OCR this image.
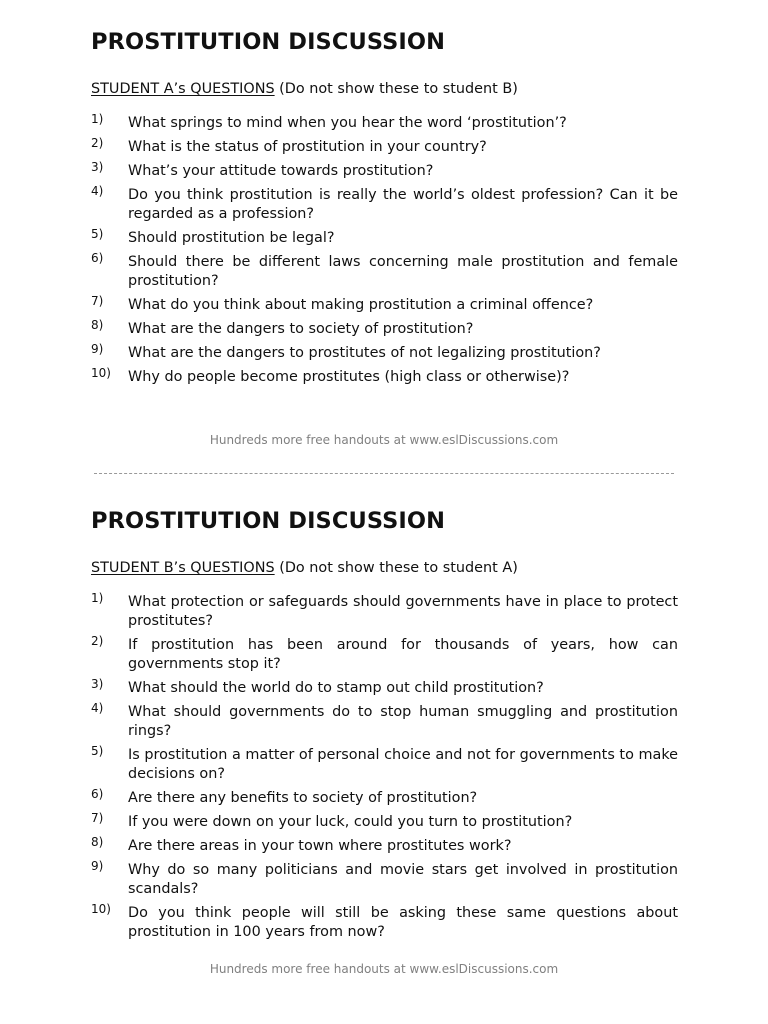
PROSTITUTION DISCUSSION
STUDENT A’s QUESTIONS (Do not show these to student B)
1)	What springs to mind when you hear the word ‘prostitution’?
2)	What is the status of prostitution in your country?
3)	What’s your attitude towards prostitution?
4)	Do you think prostitution is really the world’s oldest profession? Can it be regarded as a profession?
5)	Should prostitution be legal?
6)	Should there be different laws concerning male prostitution and female prostitution?
7)	What do you think about making prostitution a criminal offence?
8)	What are the dangers to society of prostitution?
9)	What are the dangers to prostitutes of not legalizing prostitution?
10)	Why do people become prostitutes (high class or otherwise)?
Hundreds more free handouts at www.eslDiscussions.com
PROSTITUTION DISCUSSION
STUDENT B’s QUESTIONS (Do not show these to student A)
1)	What protection or safeguards should governments have in place to protect prostitutes?
2)	If prostitution has been around for thousands of years, how can governments stop it?
3)	What should the world do to stamp out child prostitution?
4)	What should governments do to stop human smuggling and prostitution rings?
5)	Is prostitution a matter of personal choice and not for governments to make decisions on?
6)	Are there any benefits to society of prostitution?
7)	If you were down on your luck, could you turn to prostitution?
8)	Are there areas in your town where prostitutes work?
9)	Why do so many politicians and movie stars get involved in prostitution scandals?
10)	Do you think people will still be asking these same questions about prostitution in 100 years from now?
Hundreds more free handouts at www.eslDiscussions.com
